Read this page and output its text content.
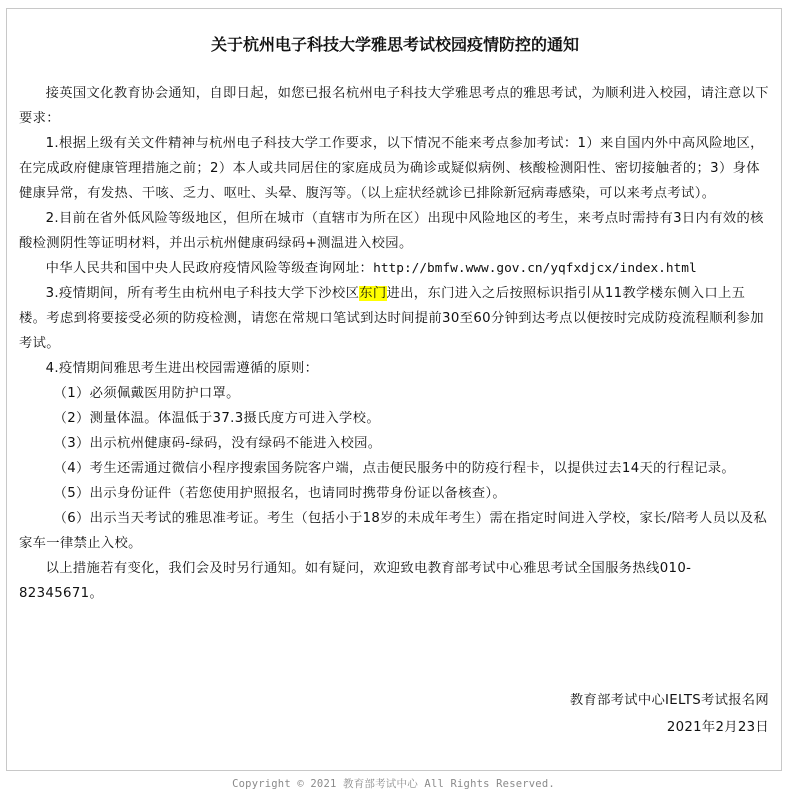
关于杭州电子科技大学雅思考试校园疫情防控的通知

接英国文化教育协会通知，自即日起，如您已报名杭州电子科技大学雅思考点的雅思考试，为顺利进入校园，请注意以下要求：

1.根据上级有关文件精神与杭州电子科技大学工作要求，以下情况不能来考点参加考试：1）来自国内外中高风险地区，在完成政府健康管理措施之前；2）本人或共同居住的家庭成员为确诊或疑似病例、核酸检测阳性、密切接触者的；3）身体健康异常，有发热、干咳、乏力、呕吐、头晕、腹泻等。（以上症状经就诊已排除新冠病毒感染，可以来考点考试）。

2.目前在省外低风险等级地区，但所在城市（直辖市为所在区）出现中风险地区的考生，来考点时需持有3日内有效的核酸检测阴性等证明材料，并出示杭州健康码绿码+测温进入校园。

中华人民共和国中央人民政府疫情风险等级查询网址：http://bmfw.www.gov.cn/yqfxdjcx/index.html

3.疫情期间，所有考生由杭州电子科技大学下沙校区东门进出，东门进入之后按照标识指引从11教学楼东侧入口上五楼。考虑到将要接受必须的防疫检测，请您在常规口笔试到达时间提前30至60分钟到达考点以便按时完成防疫流程顺利参加考试。

4.疫情期间雅思考生进出校园需遵循的原则：

（1）必须佩戴医用防护口罩。

（2）测量体温。体温低于37.3摄氏度方可进入学校。

（3）出示杭州健康码-绿码，没有绿码不能进入校园。

（4）考生还需通过微信小程序搜索国务院客户端，点击便民服务中的防疫行程卡，以提供过去14天的行程记录。

（5）出示身份证件（若您使用护照报名，也请同时携带身份证以备核查）。

（6）出示当天考试的雅思准考证。考生（包括小于18岁的未成年考生）需在指定时间进入学校，家长/陪考人员以及私家车一律禁止入校。

以上措施若有变化，我们会及时另行通知。如有疑问，欢迎致电教育部考试中心雅思考试全国服务热线010-82345671。

教育部考试中心IELTS考试报名网
2021年2月23日
Copyright © 2021 教育部考试中心 All Rights Reserved.
